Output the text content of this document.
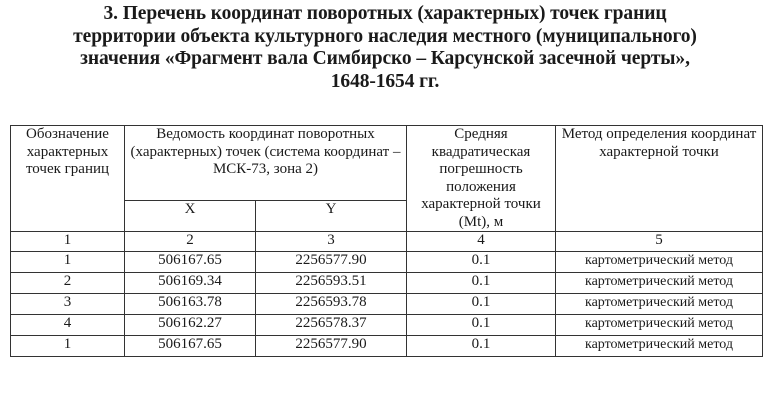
3. Перечень координат поворотных (характерных) точек границ
территории объекта культурного наследия местного (муниципального)
значения «Фрагмент вала Симбирско – Карсунской засечной черты»,
1648-1654 гг.
Обозначение характерных точек границ	Ведомость координат поворотных (характерных) точек (система координат – МСК-73, зона 2)		Средняя квадратическая погрешность положения характерной точки (Mt), м	Метод определения координат характерной точки
	X	Y		
1	2	3	4	5
1	506167.65	2256577.90	0.1	картометрический метод
2	506169.34	2256593.51	0.1	картометрический метод
3	506163.78	2256593.78	0.1	картометрический метод
4	506162.27	2256578.37	0.1	картометрический метод
1	506167.65	2256577.90	0.1	картометрический метод
